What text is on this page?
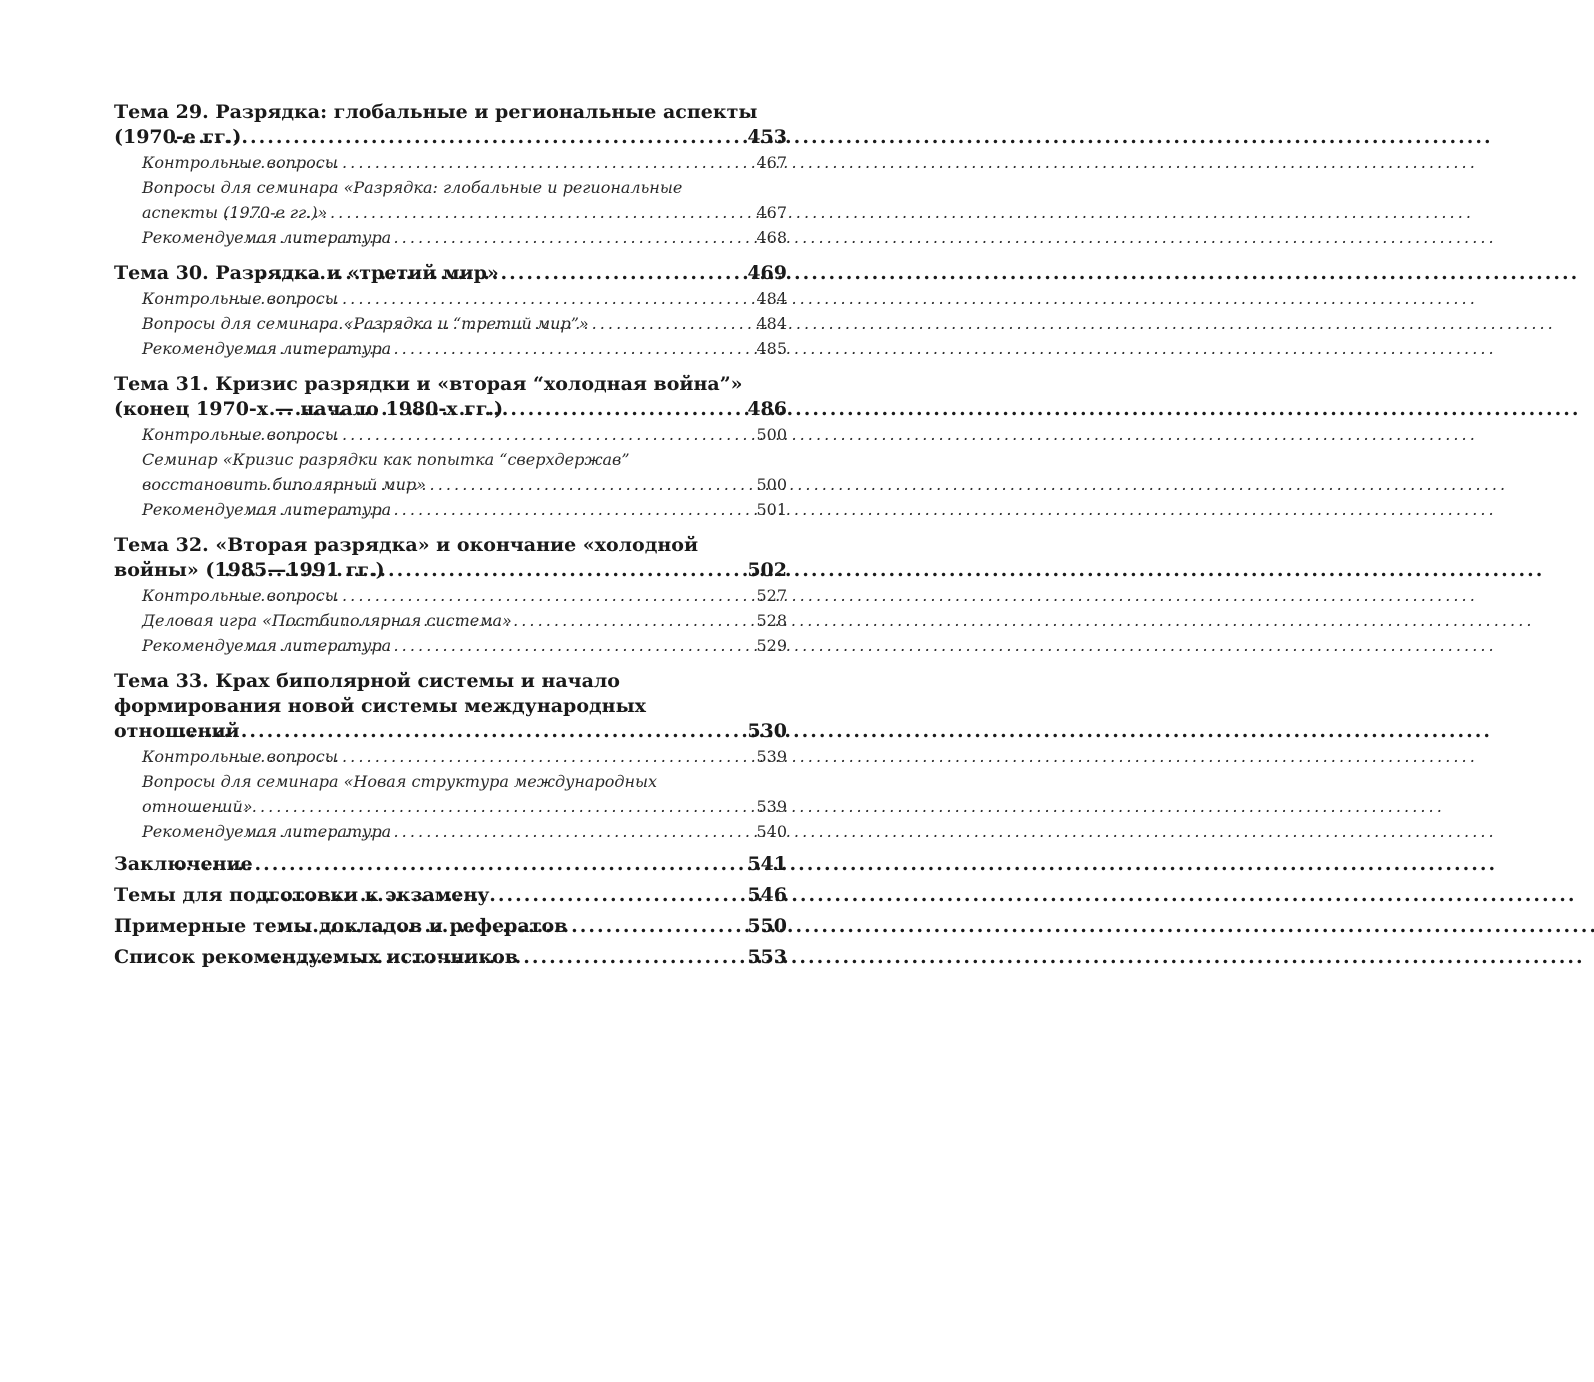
Тема 29. Разрядка: глобальные и региональные аспекты
(1970-е гг.) . . .	453
Контрольные вопросы . . .	467
Вопросы для семинара «Разрядка: глобальные и региональные
аспекты (1970-е гг.)» . . .	467
Рекомендуемая литература . . .	468
Тема 30. Разрядка и «третий мир» . . .	469
Контрольные вопросы . . .	484
Вопросы для семинара «Разрядка и “третий мир”» . . .	484
Рекомендуемая литература . . .	485
Тема 31. Кризис разрядки и «вторая “холодная война”»
(конец 1970-х — начало 1980-х гг.) . . .	486
Контрольные вопросы . . .	500
Семинар «Кризис разрядки как попытка “сверхдержав”
восстановить биполярный мир» . . .	500
Рекомендуемая литература . . .	501
Тема 32. «Вторая разрядка» и окончание «холодной
войны» (1985—1991 гг.) . . .	502
Контрольные вопросы . . .	527
Деловая игра «Постбиполярная система» . . .	528
Рекомендуемая литература . . .	529
Тема 33. Крах биполярной системы и начало
формирования новой системы международных
отношений . . .	530
Контрольные вопросы . . .	539
Вопросы для семинара «Новая структура международных
отношений» . . .	539
Рекомендуемая литература . . .	540
Заключение . . .	541
Темы для подготовки к экзамену . . .	546
Примерные темы докладов и рефератов . . .	550
Список рекомендуемых источников . . .	553
